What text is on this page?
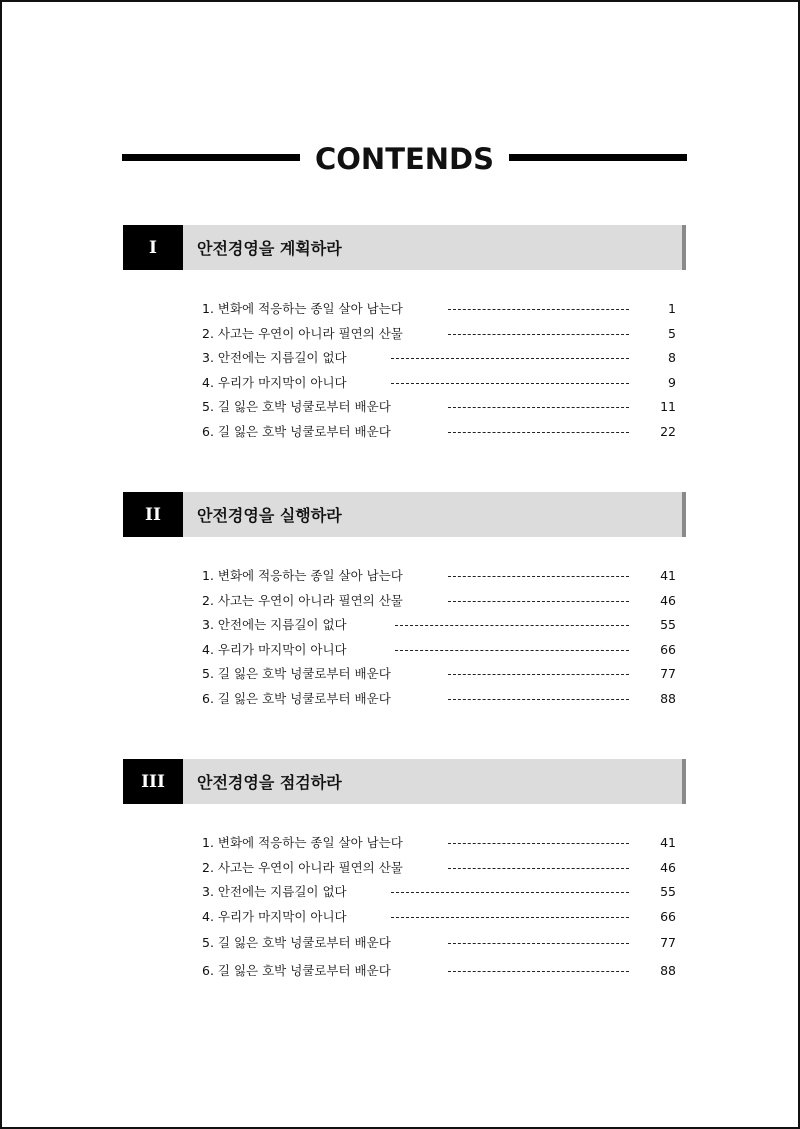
CONTENDS
I	안전경영을 계획하라
1. 변화에 적응하는 종일 살아 남는다	1
2. 사고는 우연이 아니라 필연의 산물	5
3. 안전에는 지름길이 없다	8
4. 우리가 마지막이 아니다	9
5. 길 잃은 호박 넝쿨로부터 배운다	11
6. 길 잃은 호박 넝쿨로부터 배운다	22
II	안전경영을 실행하라
1. 변화에 적응하는 종일 살아 남는다	41
2. 사고는 우연이 아니라 필연의 산물	46
3. 안전에는 지름길이 없다	55
4. 우리가 마지막이 아니다	66
5. 길 잃은 호박 넝쿨로부터 배운다	77
6. 길 잃은 호박 넝쿨로부터 배운다	88
III	안전경영을 점검하라
1. 변화에 적응하는 종일 살아 남는다	41
2. 사고는 우연이 아니라 필연의 산물	46
3. 안전에는 지름길이 없다	55
4. 우리가 마지막이 아니다	66
5. 길 잃은 호박 넝쿨로부터 배운다	77
6. 길 잃은 호박 넝쿨로부터 배운다	88
